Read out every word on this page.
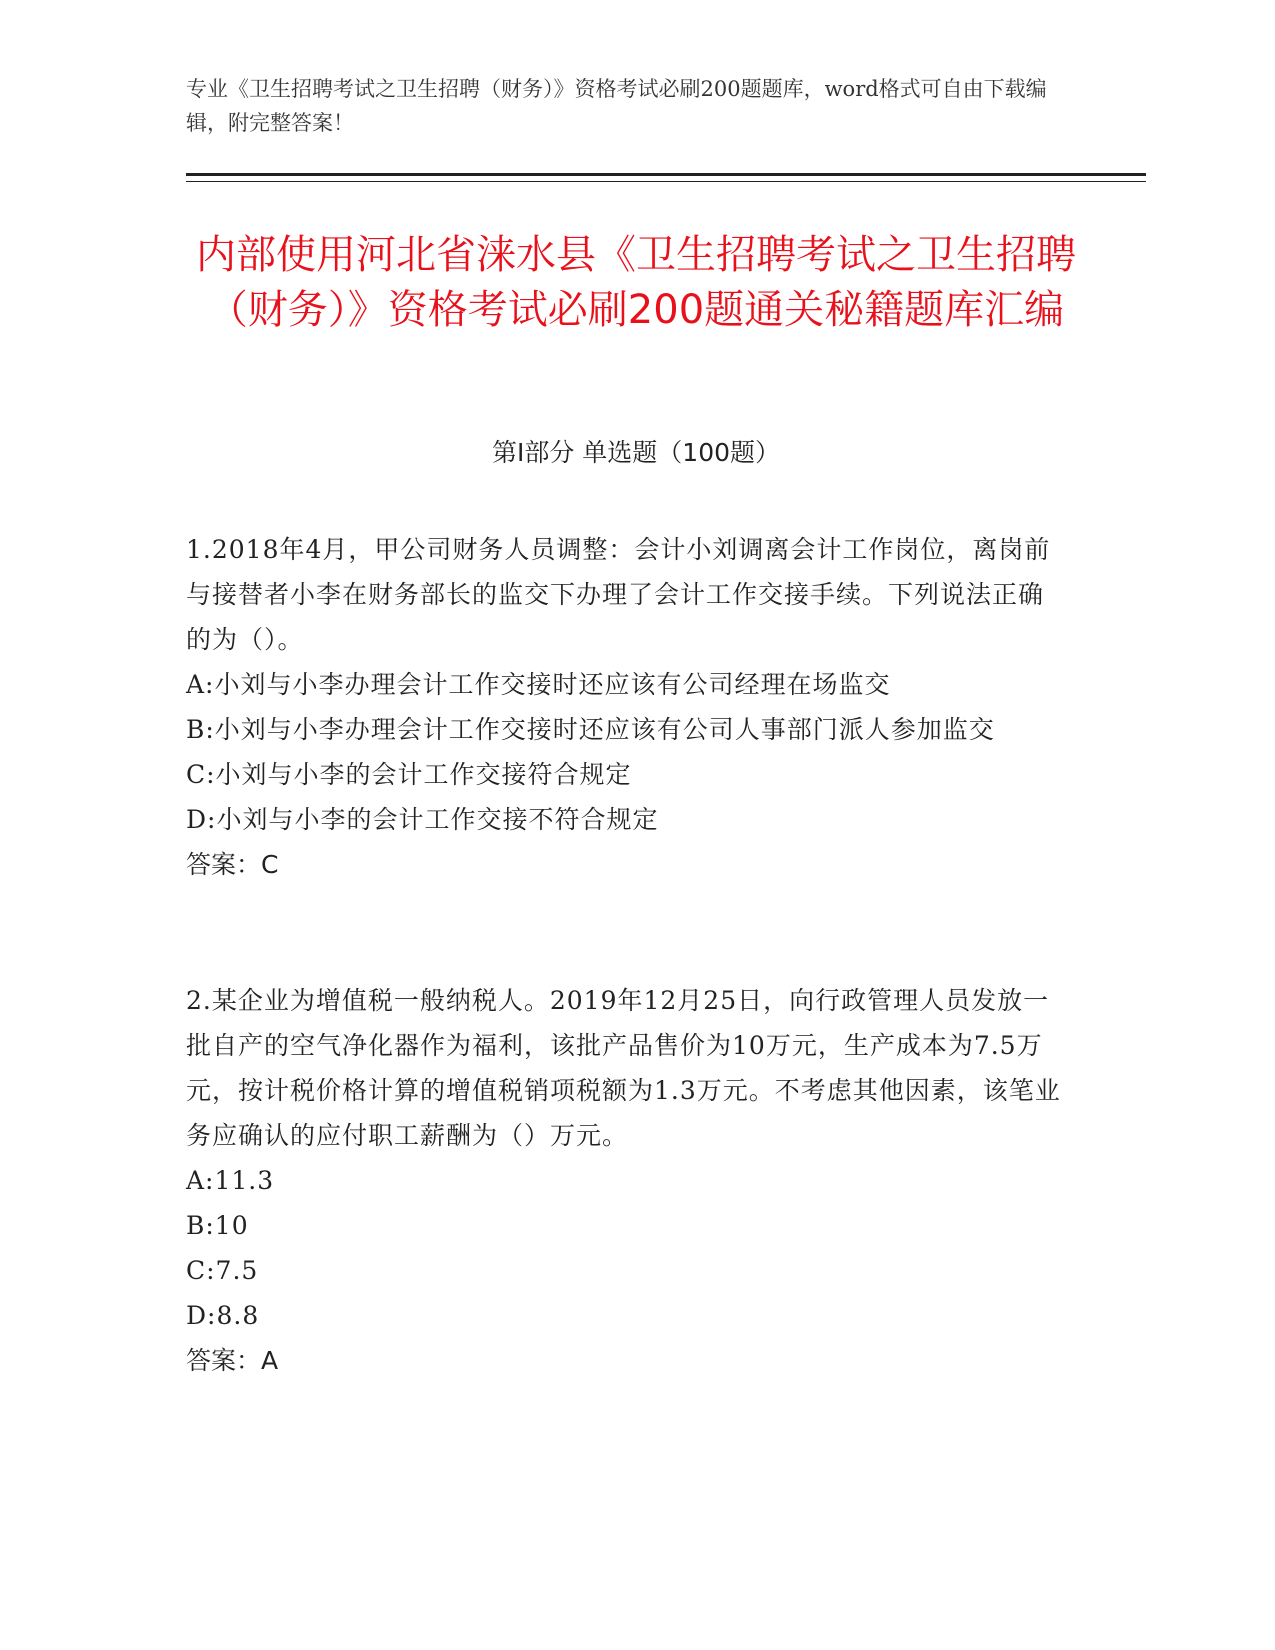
专业《卫生招聘考试之卫生招聘（财务）》资格考试必刷200题题库，word格式可自由下载编辑，附完整答案！
内部使用河北省涞水县《卫生招聘考试之卫生招聘（财务）》资格考试必刷200题通关秘籍题库汇编
第Ⅰ部分 单选题（100题）
1.2018年4月，甲公司财务人员调整：会计小刘调离会计工作岗位，离岗前与接替者小李在财务部长的监交下办理了会计工作交接手续。下列说法正确的为（）。
A:小刘与小李办理会计工作交接时还应该有公司经理在场监交
B:小刘与小李办理会计工作交接时还应该有公司人事部门派人参加监交
C:小刘与小李的会计工作交接符合规定
D:小刘与小李的会计工作交接不符合规定
答案：C
2.某企业为增值税一般纳税人。2019年12月25日，向行政管理人员发放一批自产的空气净化器作为福利，该批产品售价为10万元，生产成本为7.5万元，按计税价格计算的增值税销项税额为1.3万元。不考虑其他因素，该笔业务应确认的应付职工薪酬为（）万元。
A:11.3
B:10
C:7.5
D:8.8
答案：A
